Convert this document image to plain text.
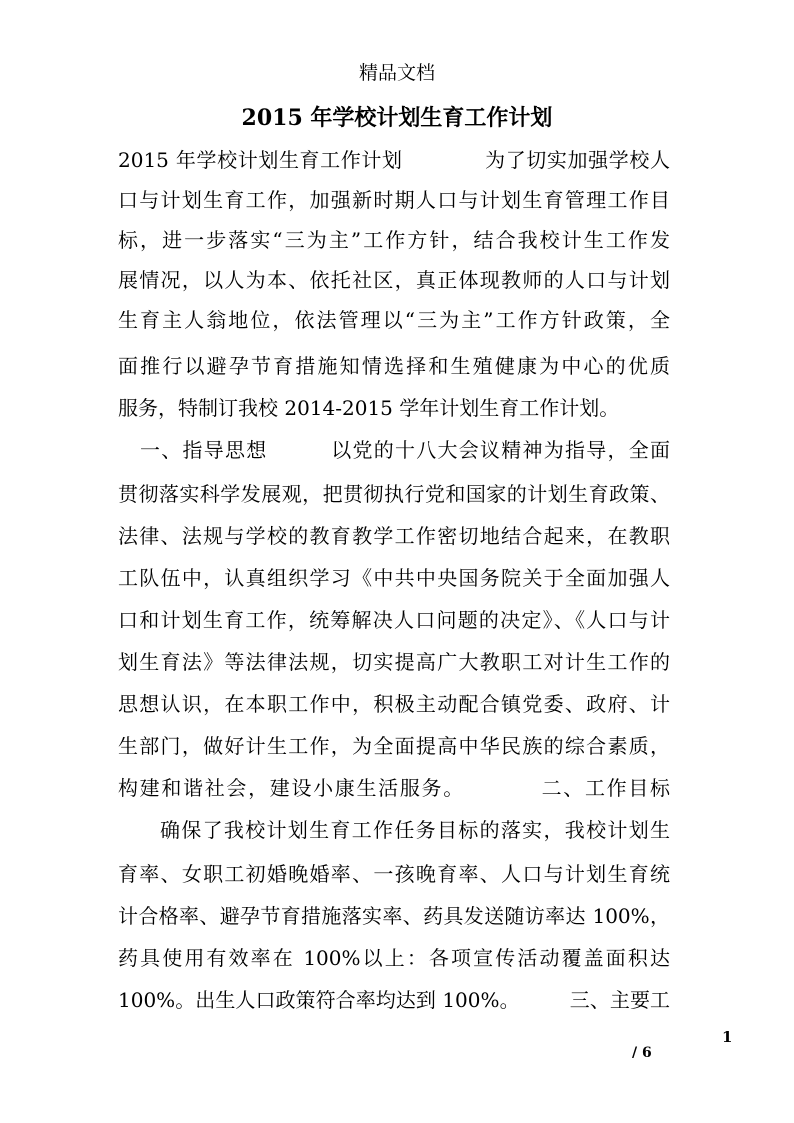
精品文档
2015 年学校计划生育工作计划
2015 年学校计划生育工作计划　　　　为了切实加强学校人
口与计划生育工作，加强新时期人口与计划生育管理工作目
标，进一步落实“三为主”工作方针，结合我校计生工作发
展情况，以人为本、依托社区，真正体现教师的人口与计划
生育主人翁地位，依法管理以“三为主”工作方针政策，全
面推行以避孕节育措施知情选择和生殖健康为中心的优质
服务，特制订我校 2014-2015 学年计划生育工作计划。
一、指导思想　　　以党的十八大会议精神为指导，全面
贯彻落实科学发展观，把贯彻执行党和国家的计划生育政策、
法律、法规与学校的教育教学工作密切地结合起来，在教职
工队伍中，认真组织学习《中共中央国务院关于全面加强人
口和计划生育工作，统筹解决人口问题的决定》、《人口与计
划生育法》等法律法规，切实提高广大教职工对计生工作的
思想认识，在本职工作中，积极主动配合镇党委、政府、计
生部门，做好计生工作，为全面提高中华民族的综合素质，
构建和谐社会，建设小康生活服务。　　　　二、工作目标
确保了我校计划生育工作任务目标的落实，我校计划生
育率、女职工初婚晚婚率、一孩晚育率、人口与计划生育统
计合格率、避孕节育措施落实率、药具发送随访率达 100%，
药具使用有效率在 100%以上：各项宣传活动覆盖面积达
100%。出生人口政策符合率均达到 100%。　　　三、主要工
1
/ 6
